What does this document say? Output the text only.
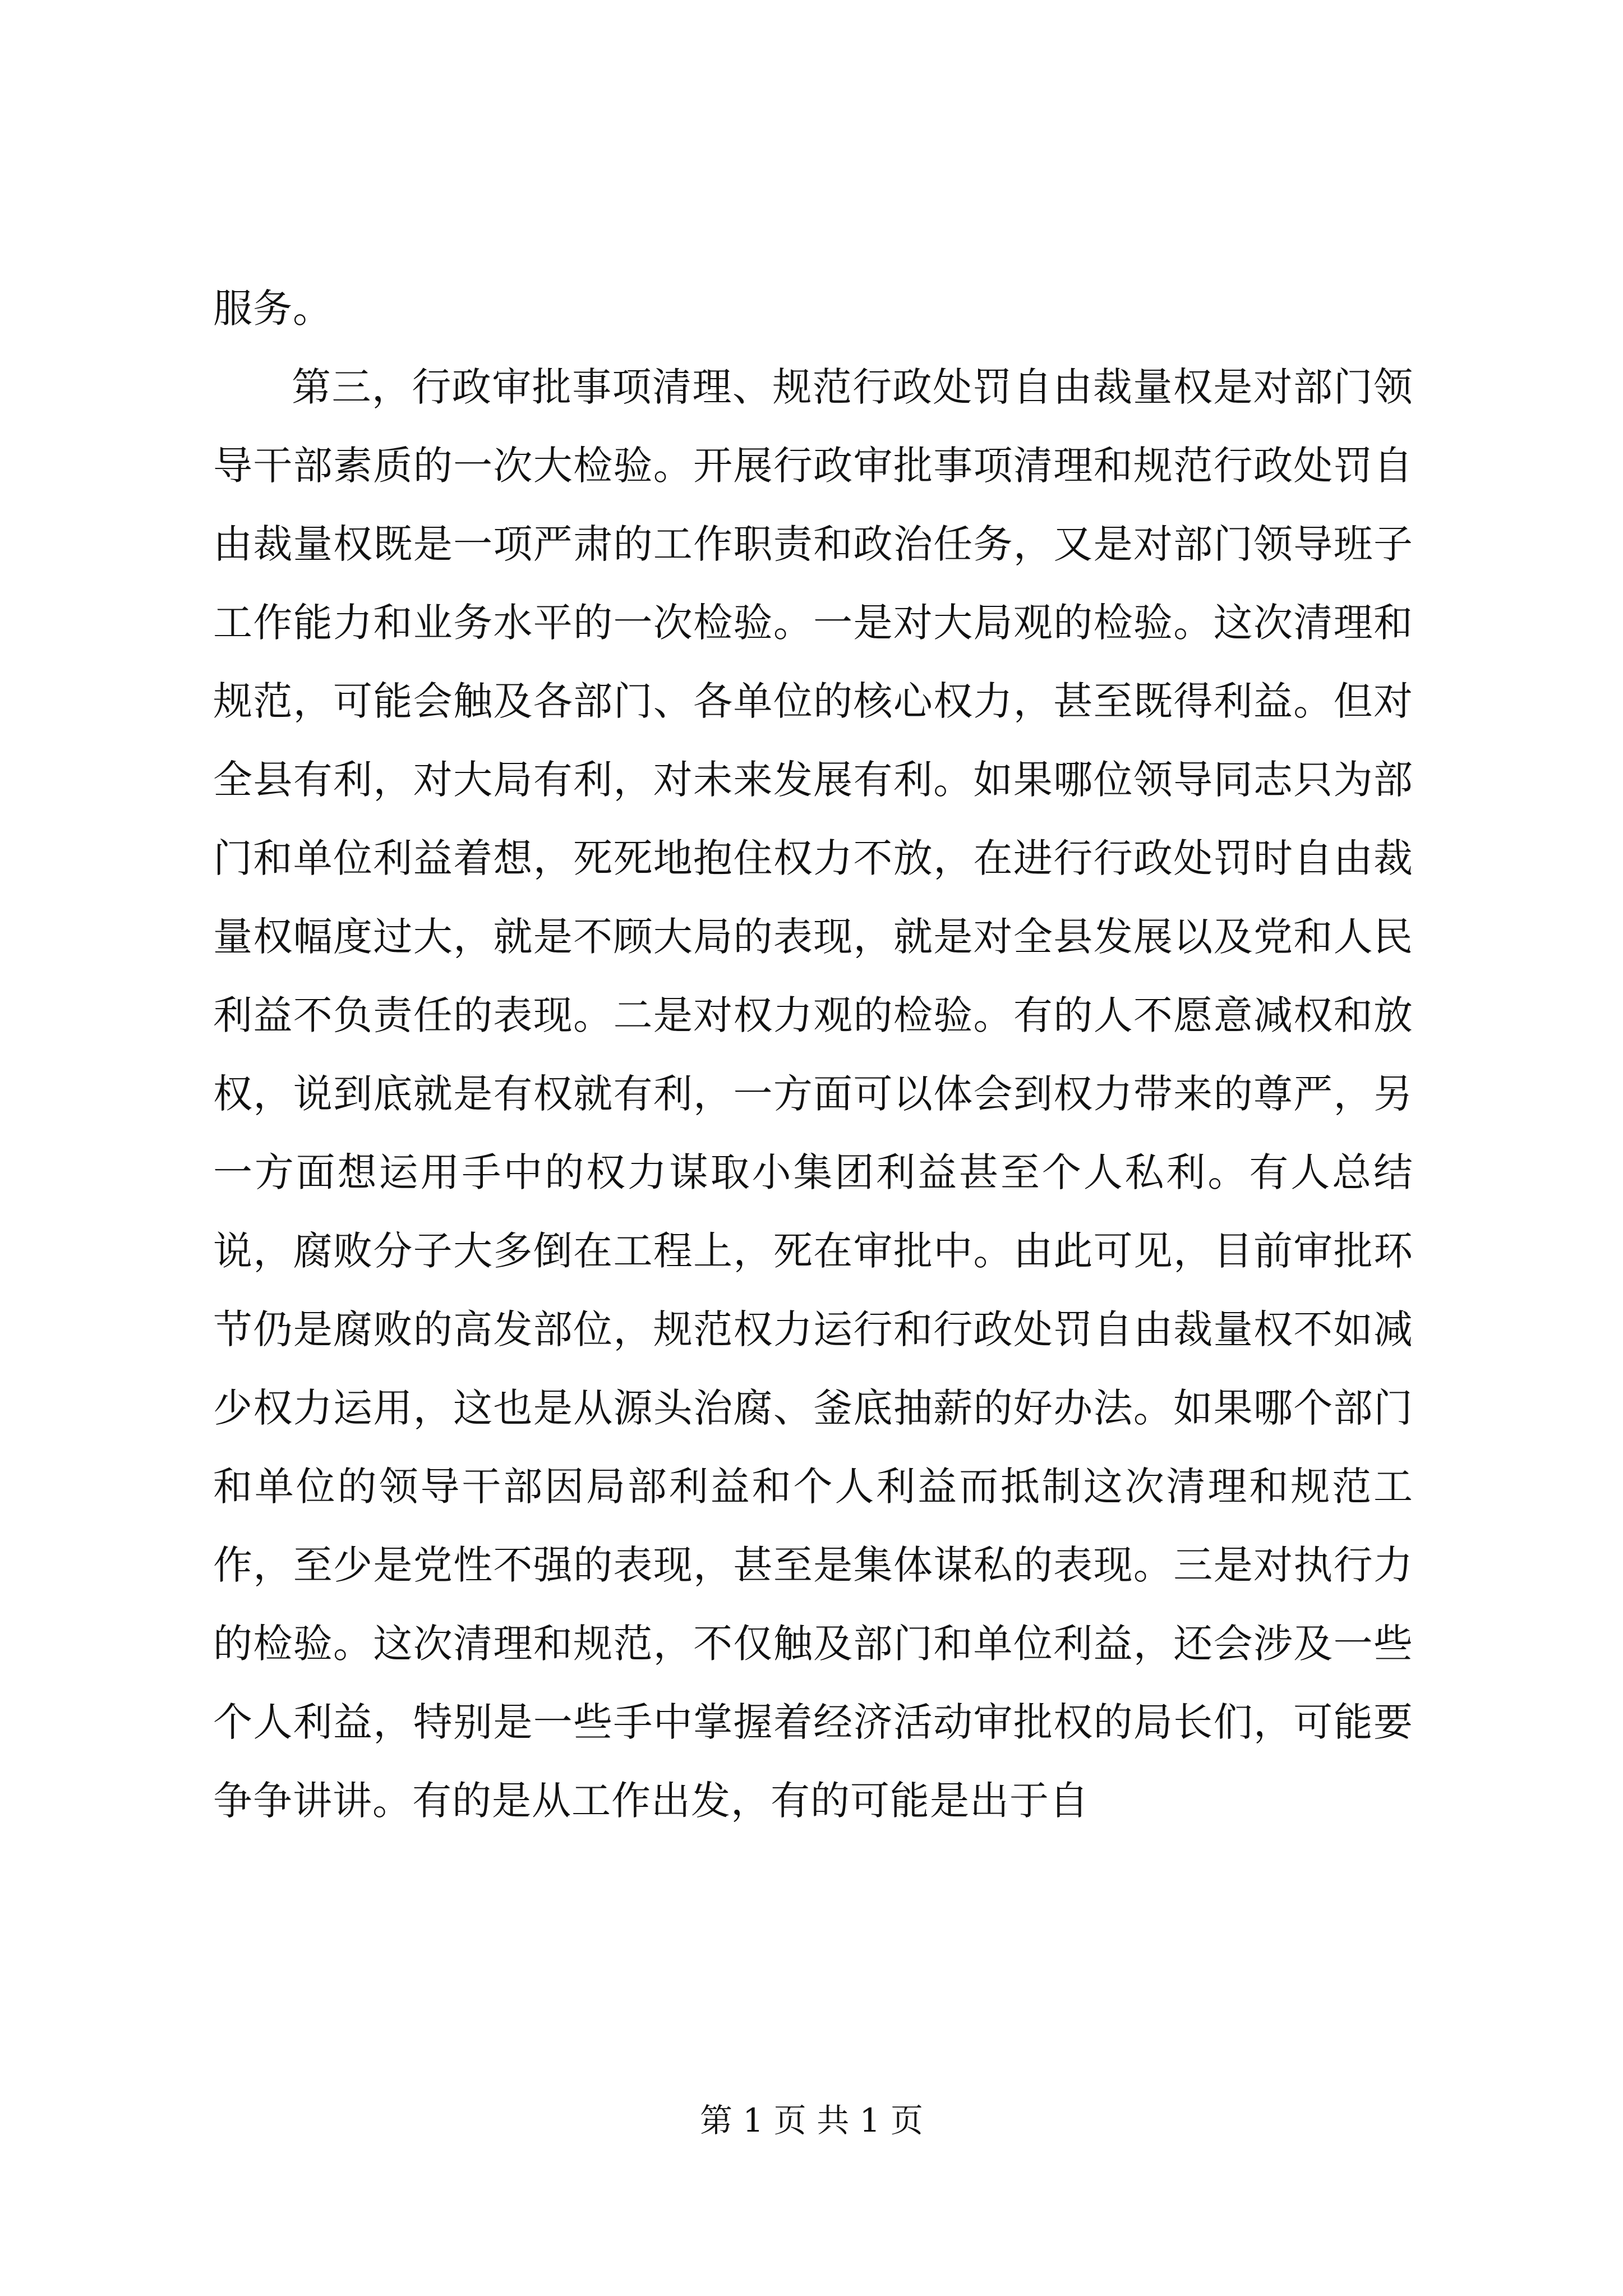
服务。

第三，行政审批事项清理、规范行政处罚自由裁量权是对部门领导干部素质的一次大检验。开展行政审批事项清理和规范行政处罚自由裁量权既是一项严肃的工作职责和政治任务，又是对部门领导班子工作能力和业务水平的一次检验。一是对大局观的检验。这次清理和规范，可能会触及各部门、各单位的核心权力，甚至既得利益。但对全县有利，对大局有利，对未来发展有利。如果哪位领导同志只为部门和单位利益着想，死死地抱住权力不放，在进行行政处罚时自由裁量权幅度过大，就是不顾大局的表现，就是对全县发展以及党和人民利益不负责任的表现。二是对权力观的检验。有的人不愿意减权和放权，说到底就是有权就有利，一方面可以体会到权力带来的尊严，另一方面想运用手中的权力谋取小集团利益甚至个人私利。有人总结说，腐败分子大多倒在工程上，死在审批中。由此可见，目前审批环节仍是腐败的高发部位，规范权力运行和行政处罚自由裁量权不如减少权力运用，这也是从源头治腐、釜底抽薪的好办法。如果哪个部门和单位的领导干部因局部利益和个人利益而抵制这次清理和规范工作，至少是党性不强的表现，甚至是集体谋私的表现。三是对执行力的检验。这次清理和规范，不仅触及部门和单位利益，还会涉及一些个人利益，特别是一些手中掌握着经济活动审批权的局长们，可能要争争讲讲。有的是从工作出发，有的可能是出于自

第 1 页 共 1 页
